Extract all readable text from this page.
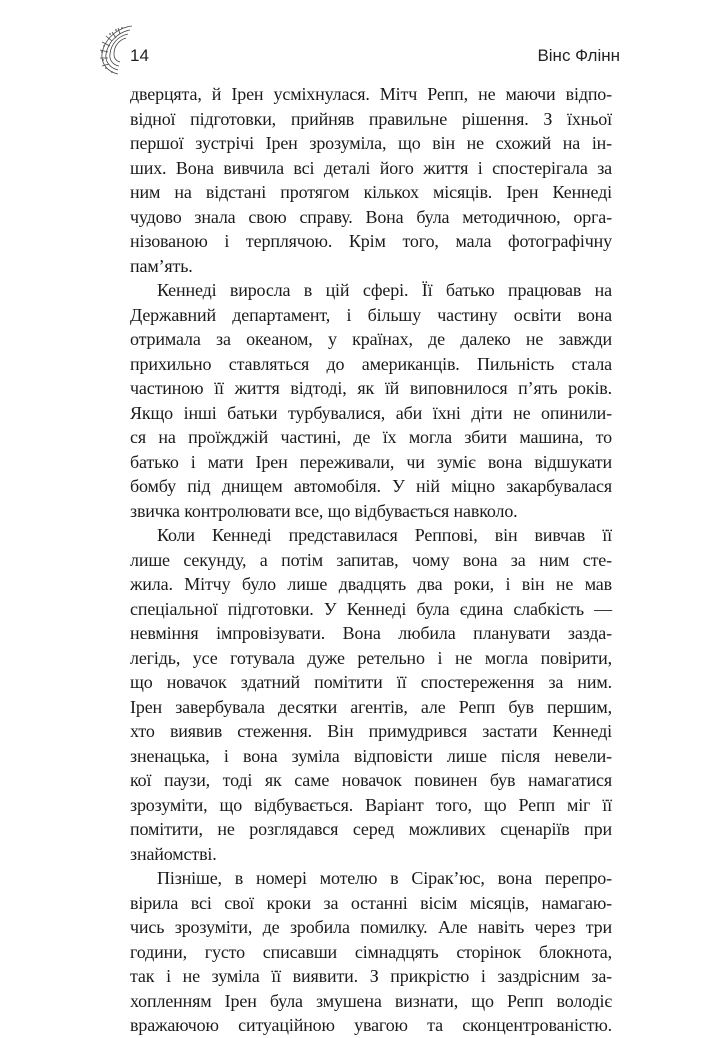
14	Вінс Флінн
дверцята, й Ірен усміхнулася. Мітч Репп, не маючи відпо-
відної підготовки, прийняв правильне рішення. З їхньої
першої зустрічі Ірен зрозуміла, що він не схожий на ін-
ших. Вона вивчила всі деталі його життя і спостерігала за
ним на відстані протягом кількох місяців. Ірен Кеннеді
чудово знала свою справу. Вона була методичною, орга-
нізованою і терплячою. Крім того, мала фотографічну
пам’ять.
Кеннеді виросла в цій сфері. Її батько працював на
Державний департамент, і більшу частину освіти вона
отримала за океаном, у країнах, де далеко не завжди
прихильно ставляться до американців. Пильність стала
частиною її життя відтоді, як їй виповнилося п’ять років.
Якщо інші батьки турбувалися, аби їхні діти не опинили-
ся на проїжджій частині, де їх могла збити машина, то
батько і мати Ірен переживали, чи зуміє вона відшукати
бомбу під днищем автомобіля. У ній міцно закарбувалася
звичка контролювати все, що відбувається навколо.
Коли Кеннеді представилася Реппові, він вивчав її
лише секунду, а потім запитав, чому вона за ним сте-
жила. Мітчу було лише двадцять два роки, і він не мав
спеціальної підготовки. У Кеннеді була єдина слабкість —
невміння імпровізувати. Вона любила планувати зазда-
легідь, усе готувала дуже ретельно і не могла повірити,
що новачок здатний помітити її спостереження за ним.
Ірен завербувала десятки агентів, але Репп був першим,
хто виявив стеження. Він примудрився застати Кеннеді
зненацька, і вона зуміла відповісти лише після невели-
кої паузи, тоді як саме новачок повинен був намагатися
зрозуміти, що відбувається. Варіант того, що Репп міг її
помітити, не розглядався серед можливих сценаріїв при
знайомстві.
Пізніше, в номері мотелю в Сірак’юс, вона перепро-
вірила всі свої кроки за останні вісім місяців, намагаю-
чись зрозуміти, де зробила помилку. Але навіть через три
години, густо списавши сімнадцять сторінок блокнота,
так і не зуміла її виявити. З прикрістю і заздрісним за-
хопленням Ірен була змушена визнати, що Репп володіє
вражаючою ситуаційною увагою та сконцентрованістю.
